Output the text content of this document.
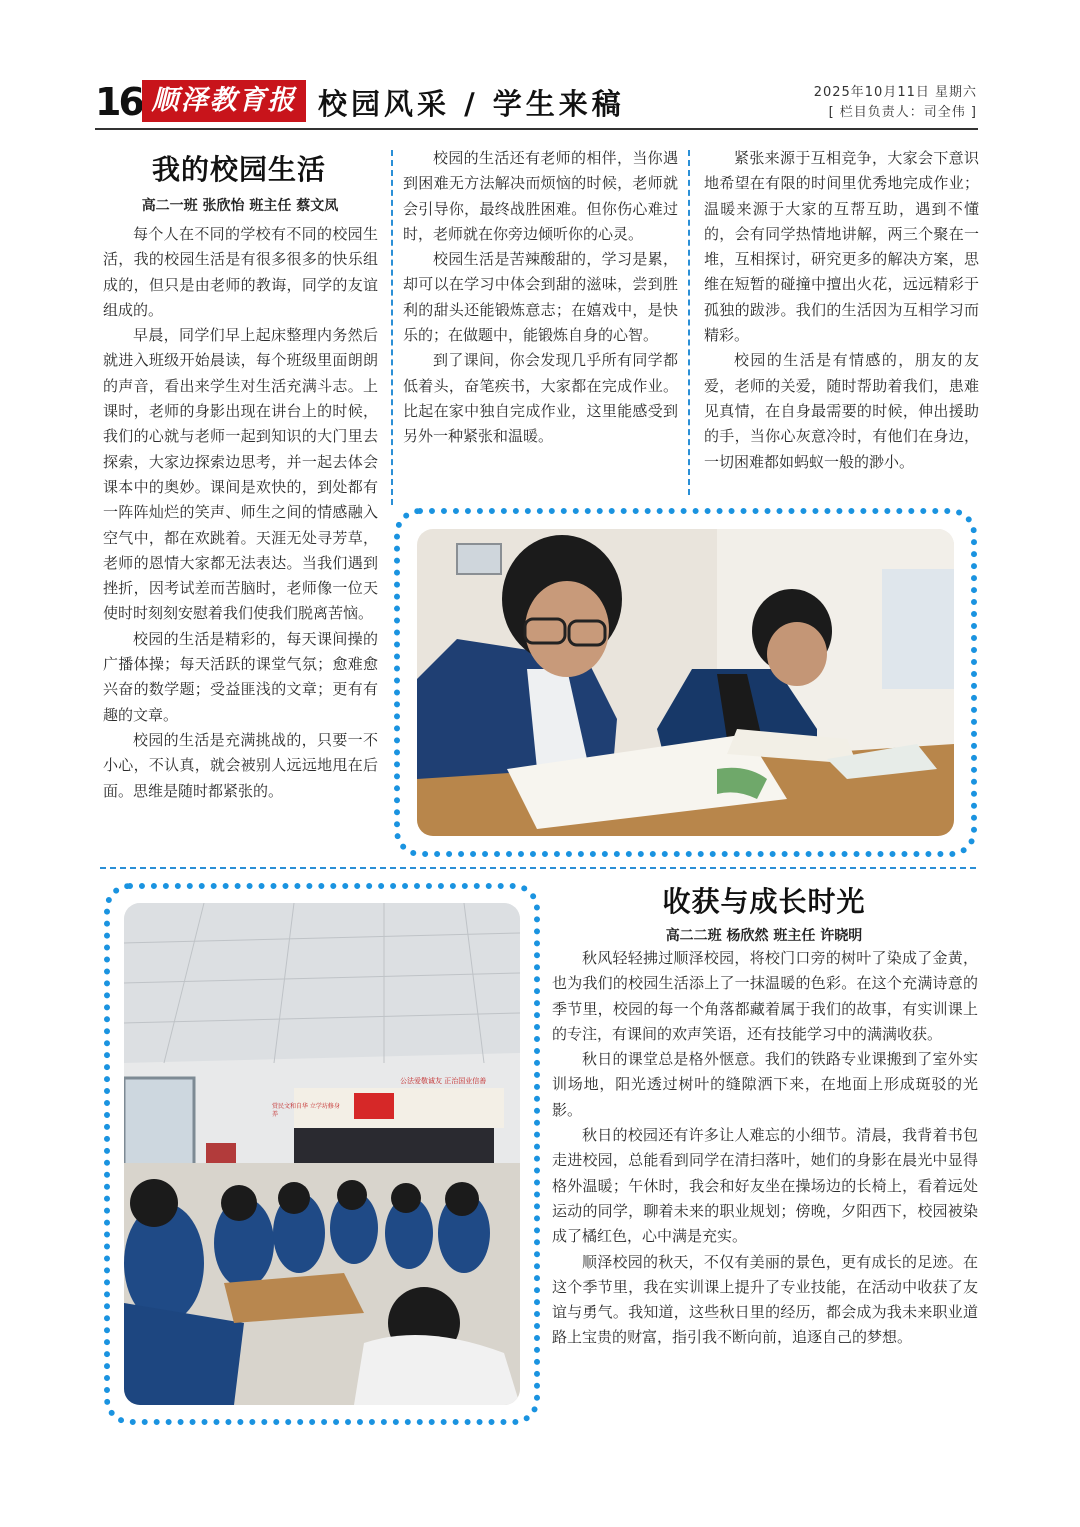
16 顺泽教育报 校园风采 / 学生来稿	2025年10月11日 星期六
[ 栏目负责人：司全伟 ]
我的校园生活
高二一班 张欣怡 班主任 蔡文凤

每个人在不同的学校有不同的校园生活，我的校园生活是有很多很多的快乐组成的，但只是由老师的教诲，同学的友谊组成的。

早晨，同学们早上起床整理内务然后就进入班级开始晨读，每个班级里面朗朗的声音，看出来学生对生活充满斗志。上课时，老师的身影出现在讲台上的时候，我们的心就与老师一起到知识的大门里去探索，大家边探索边思考，并一起去体会课本中的奥妙。课间是欢快的，到处都有一阵阵灿烂的笑声、师生之间的情感融入空气中，都在欢跳着。天涯无处寻芳草，老师的恩情大家都无法表达。当我们遇到挫折，因考试差而苦脑时，老师像一位天使时时刻刻安慰着我们使我们脱离苦恼。

校园的生活是精彩的，每天课间操的广播体操；每天活跃的课堂气氛；愈难愈兴奋的数学题；受益匪浅的文章；更有有趣的文章。

校园的生活是充满挑战的，只要一不小心，不认真，就会被别人远远地甩在后面。思维是随时都紧张的。

校园的生活还有老师的相伴，当你遇到困难无方法解决而烦恼的时候，老师就会引导你，最终战胜困难。但你伤心难过时，老师就在你旁边倾听你的心灵。

校园生活是苦辣酸甜的，学习是累，却可以在学习中体会到甜的滋味，尝到胜利的甜头还能锻炼意志；在嬉戏中，是快乐的；在做题中，能锻炼自身的心智。

到了课间，你会发现几乎所有同学都低着头，奋笔疾书，大家都在完成作业。比起在家中独自完成作业，这里能感受到另外一种紧张和温暖。

紧张来源于互相竞争，大家会下意识地希望在有限的时间里优秀地完成作业；温暖来源于大家的互帮互助，遇到不懂的，会有同学热情地讲解，两三个聚在一堆，互相探讨，研究更多的解决方案，思维在短暂的碰撞中擅出火花，远远精彩于孤独的跋涉。我们的生活因为互相学习而精彩。

校园的生活是有情感的，朋友的友爱，老师的关爱，随时帮助着我们，患难见真情，在自身最需要的时候，伸出援助的手，当你心灰意冷时，有他们在身边，一切困难都如蚂蚁一般的渺小。

赏民文和自华 立学坊修身养
公法爱敬诚友 正治国业信善
收获与成长时光
高二二班 杨欣然 班主任 许晓明

秋风轻轻拂过顺泽校园，将校门口旁的树叶了染成了金黄，也为我们的校园生活添上了一抹温暖的色彩。在这个充满诗意的季节里，校园的每一个角落都藏着属于我们的故事，有实训课上的专注，有课间的欢声笑语，还有技能学习中的满满收获。

秋日的课堂总是格外惬意。我们的铁路专业课搬到了室外实训场地，阳光透过树叶的缝隙洒下来，在地面上形成斑驳的光影。

秋日的校园还有许多让人难忘的小细节。清晨，我背着书包走进校园，总能看到同学在清扫落叶，她们的身影在晨光中显得格外温暖；午休时，我会和好友坐在操场边的长椅上，看着远处运动的同学，聊着未来的职业规划；傍晚，夕阳西下，校园被染成了橘红色，心中满是充实。

顺泽校园的秋天，不仅有美丽的景色，更有成长的足迹。在这个季节里，我在实训课上提升了专业技能，在活动中收获了友谊与勇气。我知道，这些秋日里的经历，都会成为我未来职业道路上宝贵的财富，指引我不断向前，追逐自己的梦想。
